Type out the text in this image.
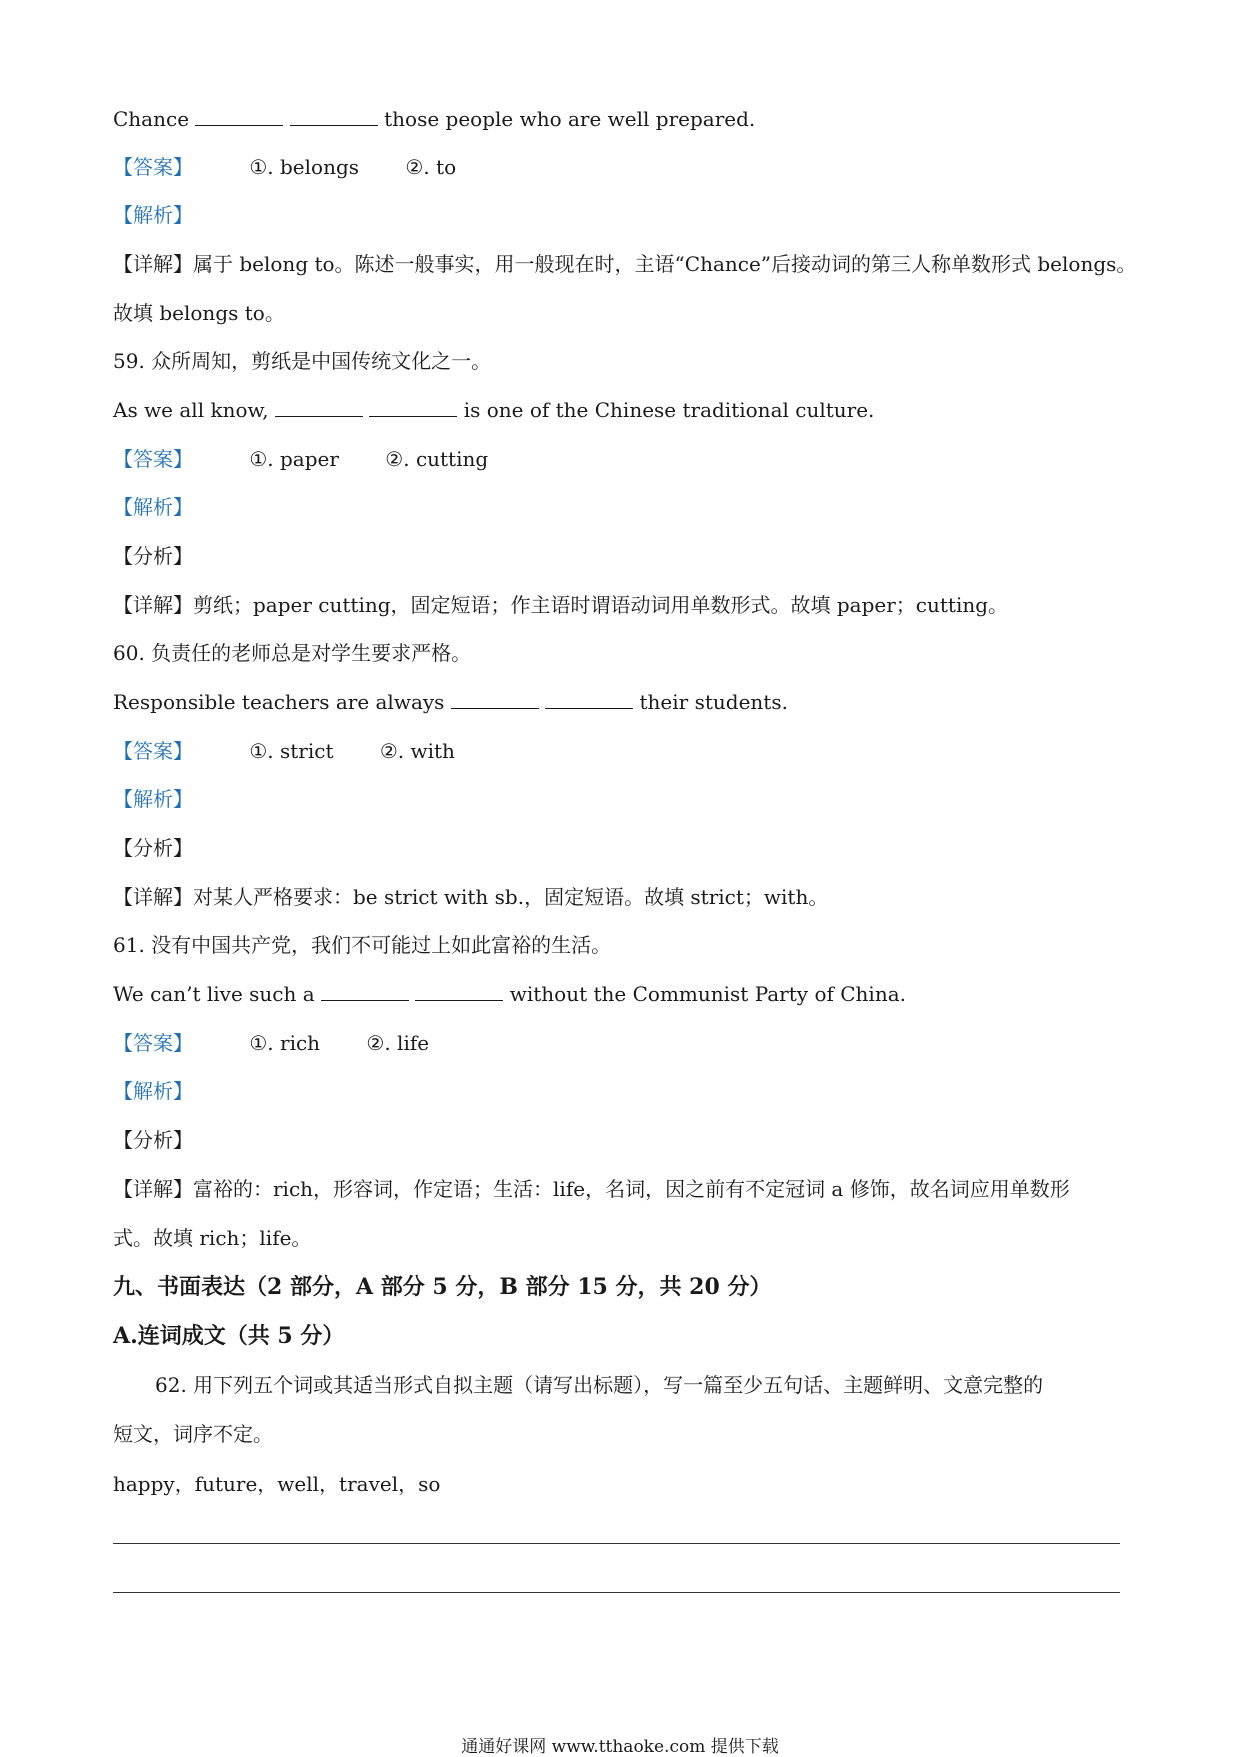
Chance	those people who are well prepared.
【答案】	①. belongs ②. to
【解析】
【详解】属于 belong to。陈述一般事实，用一般现在时，主语“Chance”后接动词的第三人称单数形式 belongs。
故填 belongs to。
59. 众所周知，剪纸是中国传统文化之一。
As we all know,	is one of the Chinese traditional culture.
【答案】	①. paper ②. cutting
【解析】
【分析】
【详解】剪纸；paper cutting，固定短语；作主语时谓语动词用单数形式。故填 paper；cutting。
60. 负责任的老师总是对学生要求严格。
Responsible teachers are always	their students.
【答案】	①. strict ②. with
【解析】
【分析】
【详解】对某人严格要求：be strict with sb.，固定短语。故填 strict；with。
61. 没有中国共产党，我们不可能过上如此富裕的生活。
We can’t live such a	without the Communist Party of China.
【答案】	①. rich ②. life
【解析】
【分析】
【详解】富裕的：rich，形容词，作定语；生活：life，名词，因之前有不定冠词 a 修饰，故名词应用单数形
式。故填 rich；life。
九、书面表达（2 部分，A 部分 5 分，B 部分 15 分，共 20 分）
A.连词成文（共 5 分）
62. 用下列五个词或其适当形式自拟主题（请写出标题），写一篇至少五句话、主题鲜明、文意完整的
短文，词序不定。
happy，future，well，travel，so
通通好课网 www.tthaoke.com 提供下载
